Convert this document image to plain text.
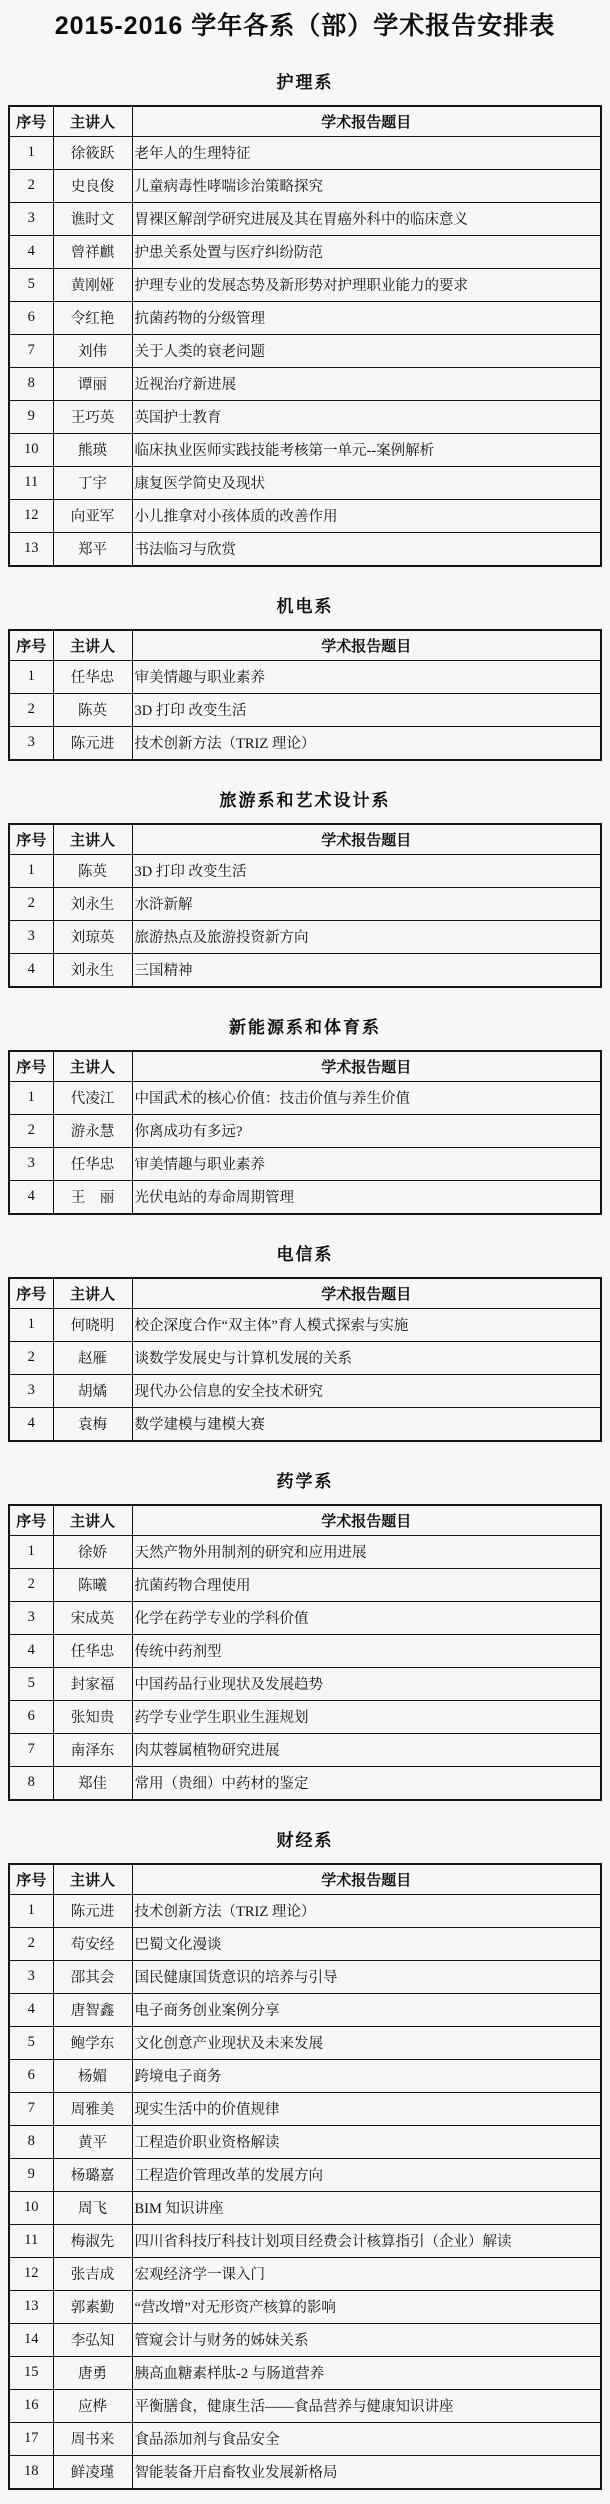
2015-2016 学年各系（部）学术报告安排表
护理系
序号	主讲人	学术报告题目
1	徐筱跃	老年人的生理特征
2	史良俊	儿童病毒性哮喘诊治策略探究
3	谯时文	胃裸区解剖学研究进展及其在胃癌外科中的临床意义
4	曾祥麒	护患关系处置与医疗纠纷防范
5	黄刚娅	护理专业的发展态势及新形势对护理职业能力的要求
6	令红艳	抗菌药物的分级管理
7	刘伟	关于人类的衰老问题
8	谭丽	近视治疗新进展
9	王巧英	英国护士教育
10	熊瑛	临床执业医师实践技能考核第一单元--案例解析
11	丁宇	康复医学简史及现状
12	向亚军	小儿推拿对小孩体质的改善作用
13	郑平	书法临习与欣赏
机电系
序号	主讲人	学术报告题目
1	任华忠	审美情趣与职业素养
2	陈英	3D 打印 改变生活
3	陈元进	技术创新方法（TRIZ 理论）
旅游系和艺术设计系
序号	主讲人	学术报告题目
1	陈英	3D 打印 改变生活
2	刘永生	水浒新解
3	刘琼英	旅游热点及旅游投资新方向
4	刘永生	三国精神
新能源系和体育系
序号	主讲人	学术报告题目
1	代凌江	中国武术的核心价值：技击价值与养生价值
2	游永慧	你离成功有多远?
3	任华忠	审美情趣与职业素养
4	王　丽	光伏电站的寿命周期管理
电信系
序号	主讲人	学术报告题目
1	何晓明	校企深度合作“双主体”育人模式探索与实施
2	赵雁	谈数学发展史与计算机发展的关系
3	胡燏	现代办公信息的安全技术研究
4	袁梅	数学建模与建模大赛
药学系
序号	主讲人	学术报告题目
1	徐娇	天然产物外用制剂的研究和应用进展
2	陈曦	抗菌药物合理使用
3	宋成英	化学在药学专业的学科价值
4	任华忠	传统中药剂型
5	封家福	中国药品行业现状及发展趋势
6	张知贵	药学专业学生职业生涯规划
7	南泽东	肉苁蓉属植物研究进展
8	郑佳	常用（贵细）中药材的鉴定
财经系
序号	主讲人	学术报告题目
1	陈元进	技术创新方法（TRIZ 理论）
2	苟安经	巴蜀文化漫谈
3	邵其会	国民健康国货意识的培养与引导
4	唐智鑫	电子商务创业案例分享
5	鲍学东	文化创意产业现状及未来发展
6	杨媚	跨境电子商务
7	周雅美	现实生活中的价值规律
8	黄平	工程造价职业资格解读
9	杨璐嘉	工程造价管理改革的发展方向
10	周飞	BIM 知识讲座
11	梅淑先	四川省科技厅科技计划项目经费会计核算指引（企业）解读
12	张吉成	宏观经济学一课入门
13	郭素勤	“营改增”对无形资产核算的影响
14	李弘知	管窥会计与财务的姊妹关系
15	唐勇	胰高血糖素样肽-2 与肠道营养
16	应桦	平衡膳食，健康生活——食品营养与健康知识讲座
17	周书来	食品添加剂与食品安全
18	鲜凌瑾	智能装备开启畜牧业发展新格局
